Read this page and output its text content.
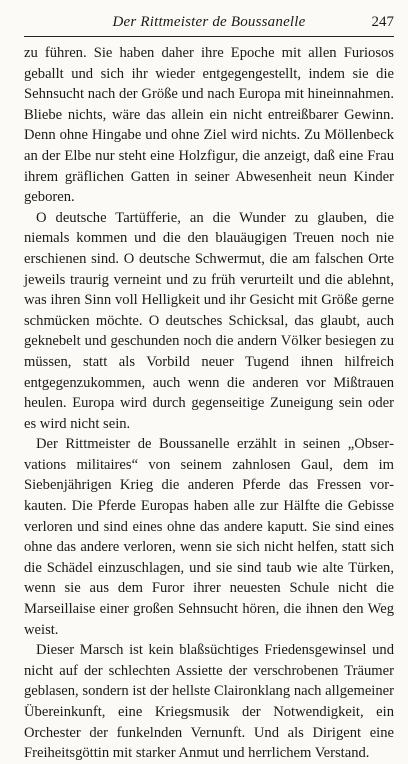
Der Rittmeister de Boussanelle	247

zu führen. Sie haben daher ihre Epoche mit allen Furiosos geballt und sich ihr wieder entgegengestellt, indem sie die Sehnsucht nach der Größe und nach Europa mit hineinnahmen. Bliebe nichts, wäre das allein ein nicht entreißbarer Gewinn. Denn ohne Hingabe und ohne Ziel wird nichts. Zu Möllenbeck an der Elbe nur steht eine Holzfigur, die anzeigt, daß eine Frau ihrem gräflichen Gatten in seiner Abwesenheit neun Kinder geboren.

O deutsche Tartüfferie, an die Wunder zu glauben, die niemals kommen und die den blauäugigen Treuen noch nie erschienen sind. O deutsche Schwermut, die am falschen Orte jeweils traurig verneint und zu früh verurteilt und die ablehnt, was ihren Sinn voll Helligkeit und ihr Gesicht mit Größe gerne schmücken möchte. O deutsches Schicksal, das glaubt, auch geknebelt und geschunden noch die andern Völker besiegen zu müssen, statt als Vorbild neuer Tugend ihnen hilfreich entgegenzukommen, auch wenn die anderen vor Mißtrauen heulen. Europa wird durch gegenseitige Zuneigung sein oder es wird nicht sein.

Der Rittmeister de Boussanelle erzählt in seinen „Observations militaires“ von seinem zahnlosen Gaul, dem im Siebenjährigen Krieg die anderen Pferde das Fressen vorkauten. Die Pferde Europas haben alle zur Hälfte die Gebisse verloren und sind eines ohne das andere kaputt. Sie sind eines ohne das andere verloren, wenn sie sich nicht helfen, statt sich die Schädel einzuschlagen, und sie sind taub wie alte Türken, wenn sie aus dem Furor ihrer neuesten Schule nicht die Marseillaise einer großen Sehnsucht hören, die ihnen den Weg weist.

Dieser Marsch ist kein blaßsüchtiges Friedensgewinsel und nicht auf der schlechten Assiette der verschrobenen Träumer geblasen, sondern ist der hellste Claironklang nach allgemeiner Übereinkunft, eine Kriegsmusik der Notwendigkeit, ein Orchester der funkelnden Vernunft. Und als Dirigent eine Freiheitsgöttin mit starker Anmut und herrlichem Verstand.
